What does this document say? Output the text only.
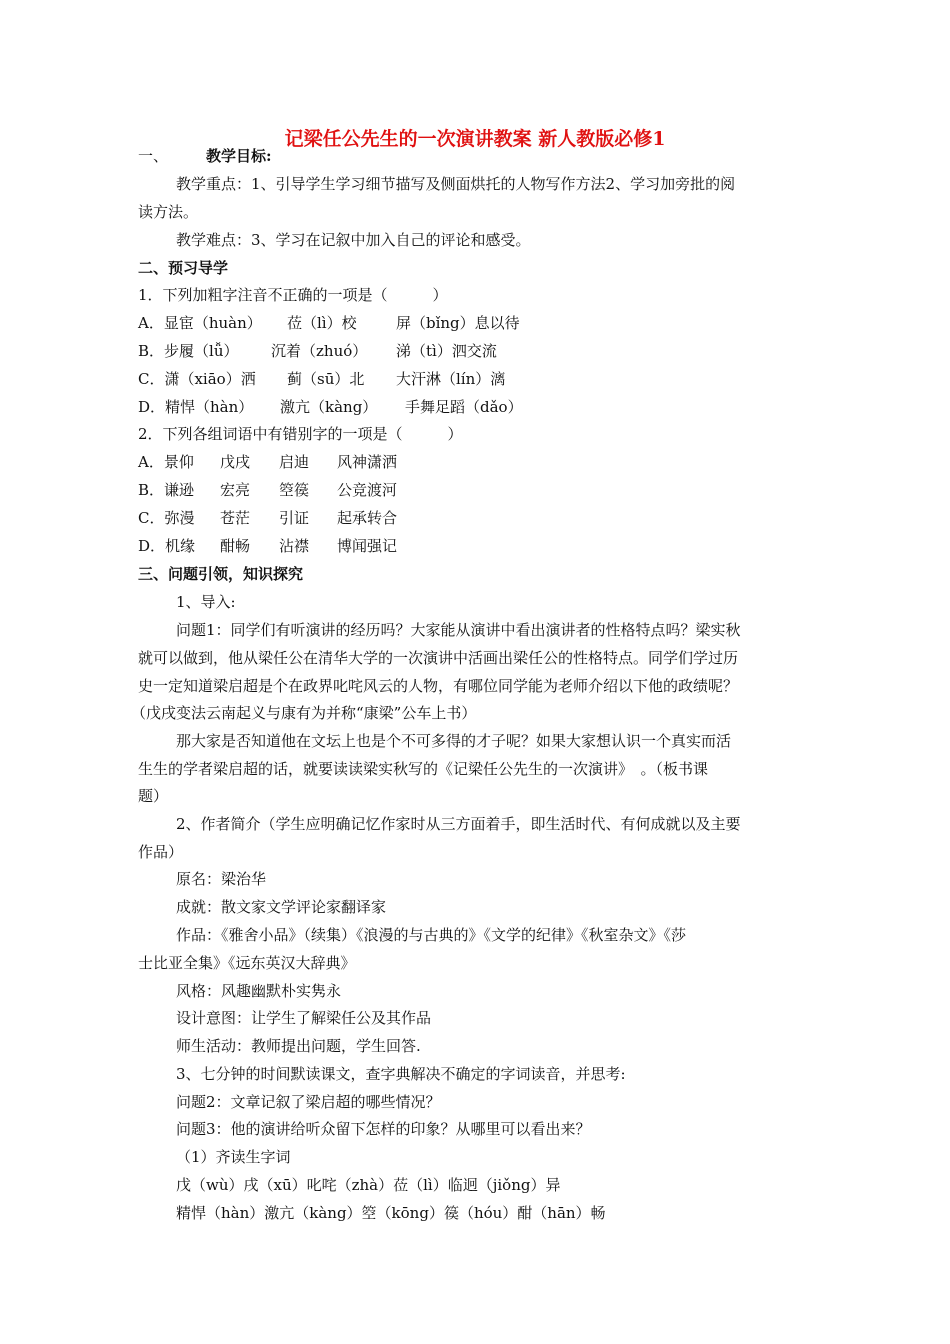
记梁任公先生的一次演讲教案 新人教版必修1
一、	教学目标:
教学重点：1、引导学生学习细节描写及侧面烘托的人物写作方法2、学习加旁批的阅
读方法。
教学难点：3、学习在记叙中加入自己的评论和感受。
二、预习导学
1．下列加粗字注音不正确的一项是（　　　）
A．显宦（huàn） 莅（lì）校	屏（bǐng）息以待
B．步履（lǚ） 沉着（zhuó） 涕（tì）泗交流
C．潇（xiāo）洒 蓟（sū）北 大汗淋（lín）漓
D．精悍（hàn） 激亢（kàng） 手舞足蹈（dǎo）
2．下列各组词语中有错别字的一项是（　　　）
A．景仰 戊戌 启迪 风神潇洒
B．谦逊 宏亮 箜篌 公竞渡河
C．弥漫 苍茫 引证 起承转合
D．机缘 酣畅 沾襟 博闻强记
三、问题引领，知识探究
1、导入:
问题1：同学们有听演讲的经历吗？大家能从演讲中看出演讲者的性格特点吗？梁实秋
就可以做到，他从梁任公在清华大学的一次演讲中活画出梁任公的性格特点。同学们学过历
史一定知道梁启超是个在政界叱咤风云的人物，有哪位同学能为老师介绍以下他的政绩呢？
（戊戌变法云南起义与康有为并称“康梁”公车上书）
那大家是否知道他在文坛上也是个不可多得的才子呢？如果大家想认识一个真实而活
生生的学者梁启超的话，就要读读梁实秋写的《记梁任公先生的一次演讲》　。（板书课
题）
2、作者简介（学生应明确记忆作家时从三方面着手，即生活时代、有何成就以及主要
作品）
原名：梁治华
成就：散文家文学评论家翻译家
作品：《雅舍小品》（续集）《浪漫的与古典的》《文学的纪律》《秋室杂文》《莎
士比亚全集》《远东英汉大辞典》
风格：风趣幽默朴实隽永
设计意图：让学生了解梁任公及其作品
师生活动：教师提出问题，学生回答.
3、七分钟的时间默读课文，查字典解决不确定的字词读音，并思考:
问题2：文章记叙了梁启超的哪些情况？
问题3：他的演讲给听众留下怎样的印象？从哪里可以看出来？
（1）齐读生字词
戊（wù）戌（xū）叱咤（zhà）莅（lì）临迥（jiǒng）异
精悍（hàn）激亢（kàng）箜（kōng）篌（hóu）酣（hān）畅
